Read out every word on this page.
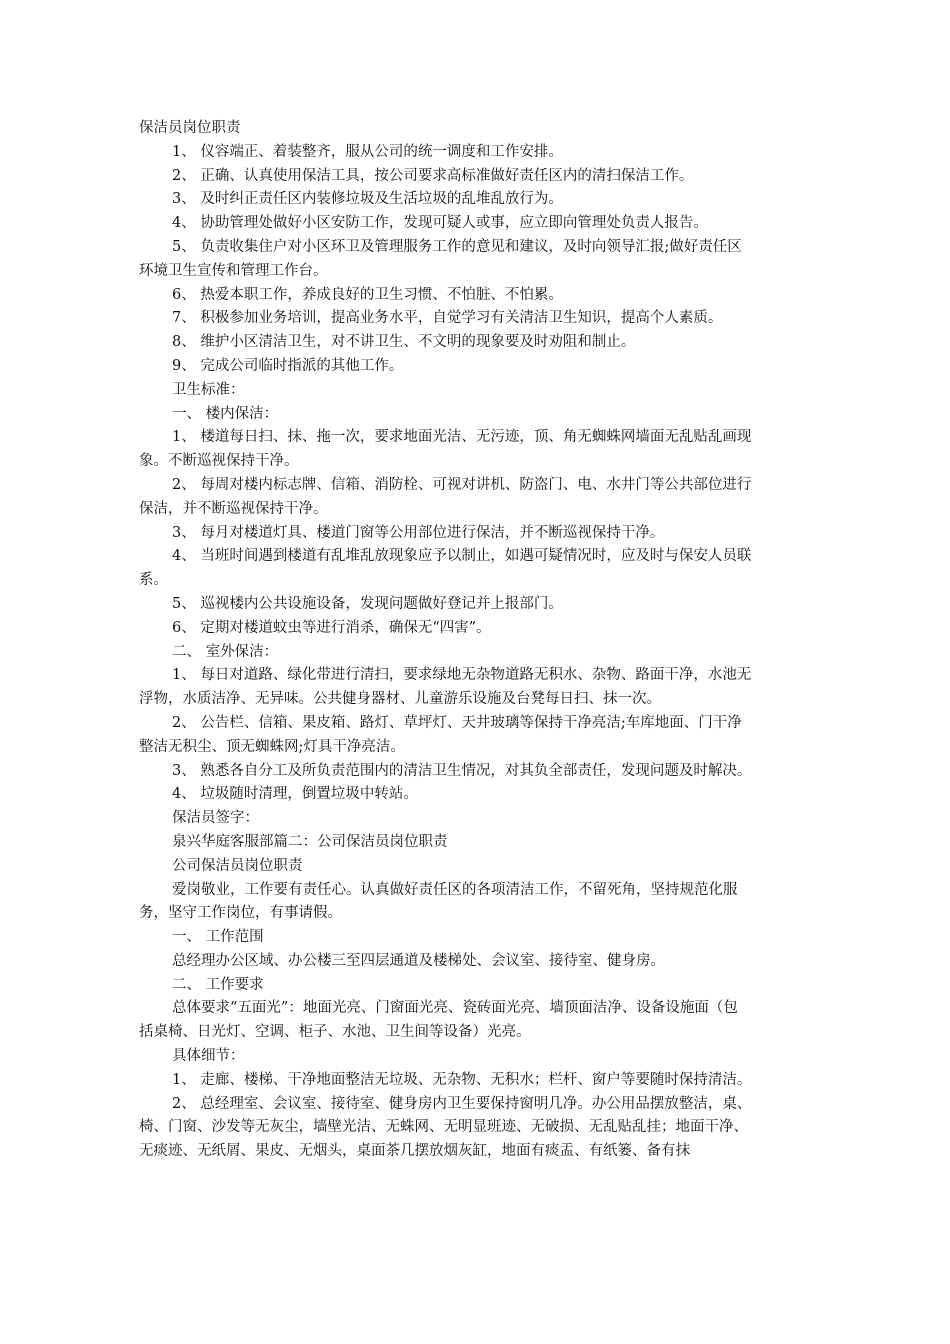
保洁员岗位职责

1、 仪容端正、着装整齐，服从公司的统一调度和工作安排。

2、 正确、认真使用保洁工具，按公司要求高标准做好责任区内的清扫保洁工作。

3、 及时纠正责任区内装修垃圾及生活垃圾的乱堆乱放行为。

4、 协助管理处做好小区安防工作，发现可疑人或事，应立即向管理处负责人报告。

5、 负责收集住户对小区环卫及管理服务工作的意见和建议，及时向领导汇报;做好责任区

环境卫生宣传和管理工作台。

6、 热爱本职工作，养成良好的卫生习惯、不怕脏、不怕累。

7、 积极参加业务培训，提高业务水平，自觉学习有关清洁卫生知识，提高个人素质。

8、 维护小区清洁卫生，对不讲卫生、不文明的现象要及时劝阻和制止。

9、 完成公司临时指派的其他工作。

卫生标准：

一、 楼内保洁：

1、 楼道每日扫、抹、拖一次，要求地面光洁、无污迹，顶、角无蜘蛛网墙面无乱贴乱画现

象。不断巡视保持干净。

2、 每周对楼内标志牌、信箱、消防栓、可视对讲机、防盗门、电、水井门等公共部位进行

保洁，并不断巡视保持干净。

3、 每月对楼道灯具、楼道门窗等公用部位进行保洁，并不断巡视保持干净。

4、 当班时间遇到楼道有乱堆乱放现象应予以制止，如遇可疑情况时，应及时与保安人员联

系。

5、 巡视楼内公共设施设备，发现问题做好登记并上报部门。

6、 定期对楼道蚊虫等进行消杀，确保无“四害”。

二、 室外保洁：

1、 每日对道路、绿化带进行清扫，要求绿地无杂物道路无积水、杂物、路面干净，水池无

浮物，水质洁净、无异味。公共健身器材、儿童游乐设施及台凳每日扫、抹一次。

2、 公告栏、信箱、果皮箱、路灯、草坪灯、天井玻璃等保持干净亮洁;车库地面、门干净

整洁无积尘、顶无蜘蛛网;灯具干净亮洁。

3、 熟悉各自分工及所负责范围内的清洁卫生情况，对其负全部责任，发现问题及时解决。

4、 垃圾随时清理，倒置垃圾中转站。

保洁员签字：

泉兴华庭客服部篇二：公司保洁员岗位职责

公司保洁员岗位职责

爱岗敬业，工作要有责任心。认真做好责任区的各项清洁工作，不留死角，坚持规范化服

务，坚守工作岗位，有事请假。

一、 工作范围

总经理办公区域、办公楼三至四层通道及楼梯处、会议室、接待室、健身房。

二、 工作要求

总体要求“五面光”：地面光亮、门窗面光亮、瓷砖面光亮、墙顶面洁净、设备设施面（包

括桌椅、日光灯、空调、柜子、水池、卫生间等设备）光亮。

具体细节：

1、 走廊、楼梯、干净地面整洁无垃圾、无杂物、无积水；栏杆、窗户等要随时保持清洁。

2、 总经理室、会议室、接待室、健身房内卫生要保持窗明几净。办公用品摆放整洁，桌、

椅、门窗、沙发等无灰尘，墙壁光洁、无蛛网、无明显班迹、无破损、无乱贴乱挂；地面干净、

无痰迹、无纸屑、果皮、无烟头，桌面茶几摆放烟灰缸，地面有痰盂、有纸篓、备有抹
